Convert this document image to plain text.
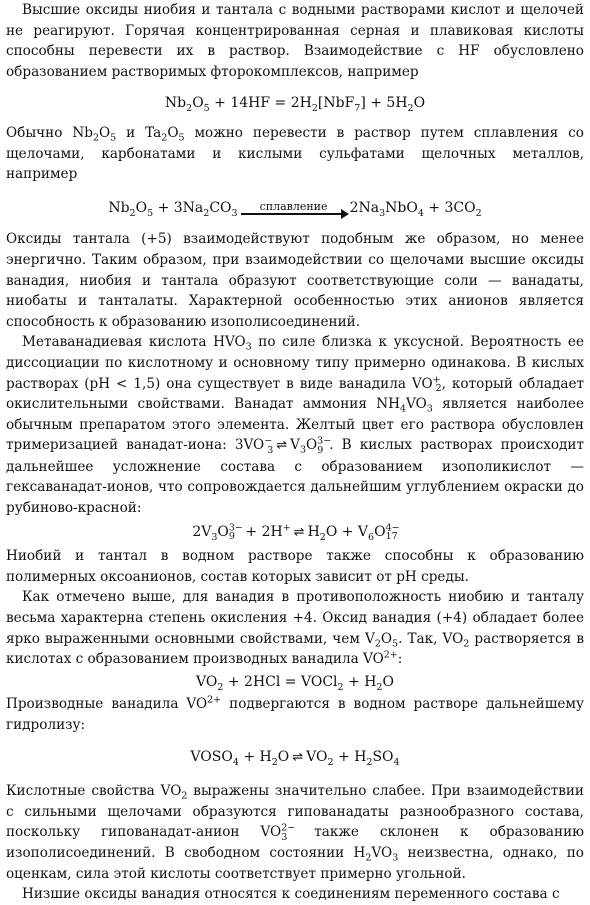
Высшие оксиды ниобия и тантала с водными растворами кислот и щелочей не реагируют. Горячая концентрированная серная и плавиковая кислоты способны перевести их в раствор. Взаимодействие с HF обусловлено образованием растворимых фторокомплексов, например

$Nb_2O_5 + 14HF = 2H_2[NbF_7] + 5H_2O$

Обычно $Nb_2O_5$ и $Ta_2O_5$ можно перевести в раствор путем сплавления со щелочами, карбонатами и кислыми сульфатами щелочных металлов, например

$Nb_2O_5 + 3Na_2CO_3$
сплавление	$2Na_3NbO_4 + 3CO_2$

Оксиды тантала (+5) взаимодействуют подобным же образом, но менее энергично. Таким образом, при взаимодействии со щелочами высшие оксиды ванадия, ниобия и тантала образуют соответствующие соли — ванадаты, ниобаты и танталаты. Характерной особенностью этих анионов является способность к образованию изополисоединений.

Метаванадиевая кислота $HVO_3$ по силе близка к уксусной. Вероятность ее диссоциации по кислотному и основному типу примерно одинакова. В кислых растворах (pH < 1,5) она существует в виде ванадила $VO^+_2$, который обладает окислительными свойствами. Ванадат аммония $NH_4VO_3$ является наиболее обычным препаратом этого элемента. Желтый цвет его раствора обусловлен тримеризацией ванадат-иона: $3VO^-_3$ ⇌ $V_3O^{3-}_9$ . В кислых растворах происходит дальнейшее усложнение состава с образованием изополикислот — гексаванадат-ионов, что сопровождается дальнейшим углублением окраски до рубиново-красной:

$2V_3O^{3-}_9 + 2H^+$ ⇌ $H_2O + V_6O^{4-}_{17}$

Ниобий и тантал в водном растворе также способны к образованию полимерных оксоанионов, состав которых зависит от pH среды.

Как отмечено выше, для ванадия в противоположность ниобию и танталу весьма характерна степень окисления +4. Оксид ванадия (+4) обладает более ярко выраженными основными свойствами, чем $V_2O_5$. Так, $VO_2$ растворяется в кислотах с образованием производных ванадила $VO^{2+}$:

$VO_2 + 2HCl$ = VOCl$_2$ + $H_2O$

Производные ванадила $VO^{2+}$ подвергаются в водном растворе дальнейшему гидролизу:

$VOSO_4 + H_2O$ ⇌ $VO_2 + H_2SO_4$

Кислотные свойства $VO_2$ выражены значительно слабее. При взаимодействии с сильными щелочами образуются гипованадаты разнообразного состава, поскольку гипованадат-анион $VO^{2-}_3$ также склонен к образованию изополисоединений. В свободном состоянии $H_2VO_3$ неизвестна, однако, по оценкам, сила этой кислоты соответствует примерно угольной.

Низшие оксиды ванадия относятся к соединениям переменного состава с
